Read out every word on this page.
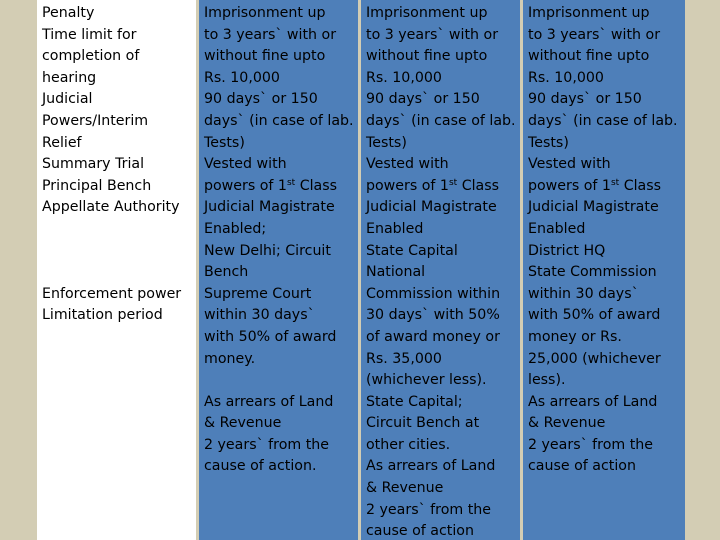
Penalty
Time limit for
completion of
hearing
Judicial
Powers/Interim
Relief
Summary Trial
Principal Bench
Appellate Authority
Enforcement power
Limitation period
Imprisonment up
to 3 years` with or
without fine upto
Rs. 10,000
90 days` or 150
days` (in case of lab.
Tests)
Vested with
powers of 1st Class
Judicial Magistrate
Enabled;
New Delhi; Circuit
Bench
Supreme Court
within 30 days`
with 50% of award
money.
As arrears of Land
& Revenue
2 years` from the
cause of action.
Imprisonment up
to 3 years` with or
without fine upto
Rs. 10,000
90 days` or 150
days` (in case of lab.
Tests)
Vested with
powers of 1st Class
Judicial Magistrate
Enabled
State Capital
National
Commission within
30 days` with 50%
of award money or
Rs. 35,000
(whichever less).
State Capital;
Circuit Bench at
other cities.
As arrears of Land
& Revenue
2 years` from the
cause of action
Imprisonment up
to 3 years` with or
without fine upto
Rs. 10,000
90 days` or 150
days` (in case of lab.
Tests)
Vested with
powers of 1st Class
Judicial Magistrate
Enabled
District HQ
State Commission
within 30 days`
with 50% of award
money or Rs.
25,000 (whichever
less).
As arrears of Land
& Revenue
2 years` from the
cause of action
